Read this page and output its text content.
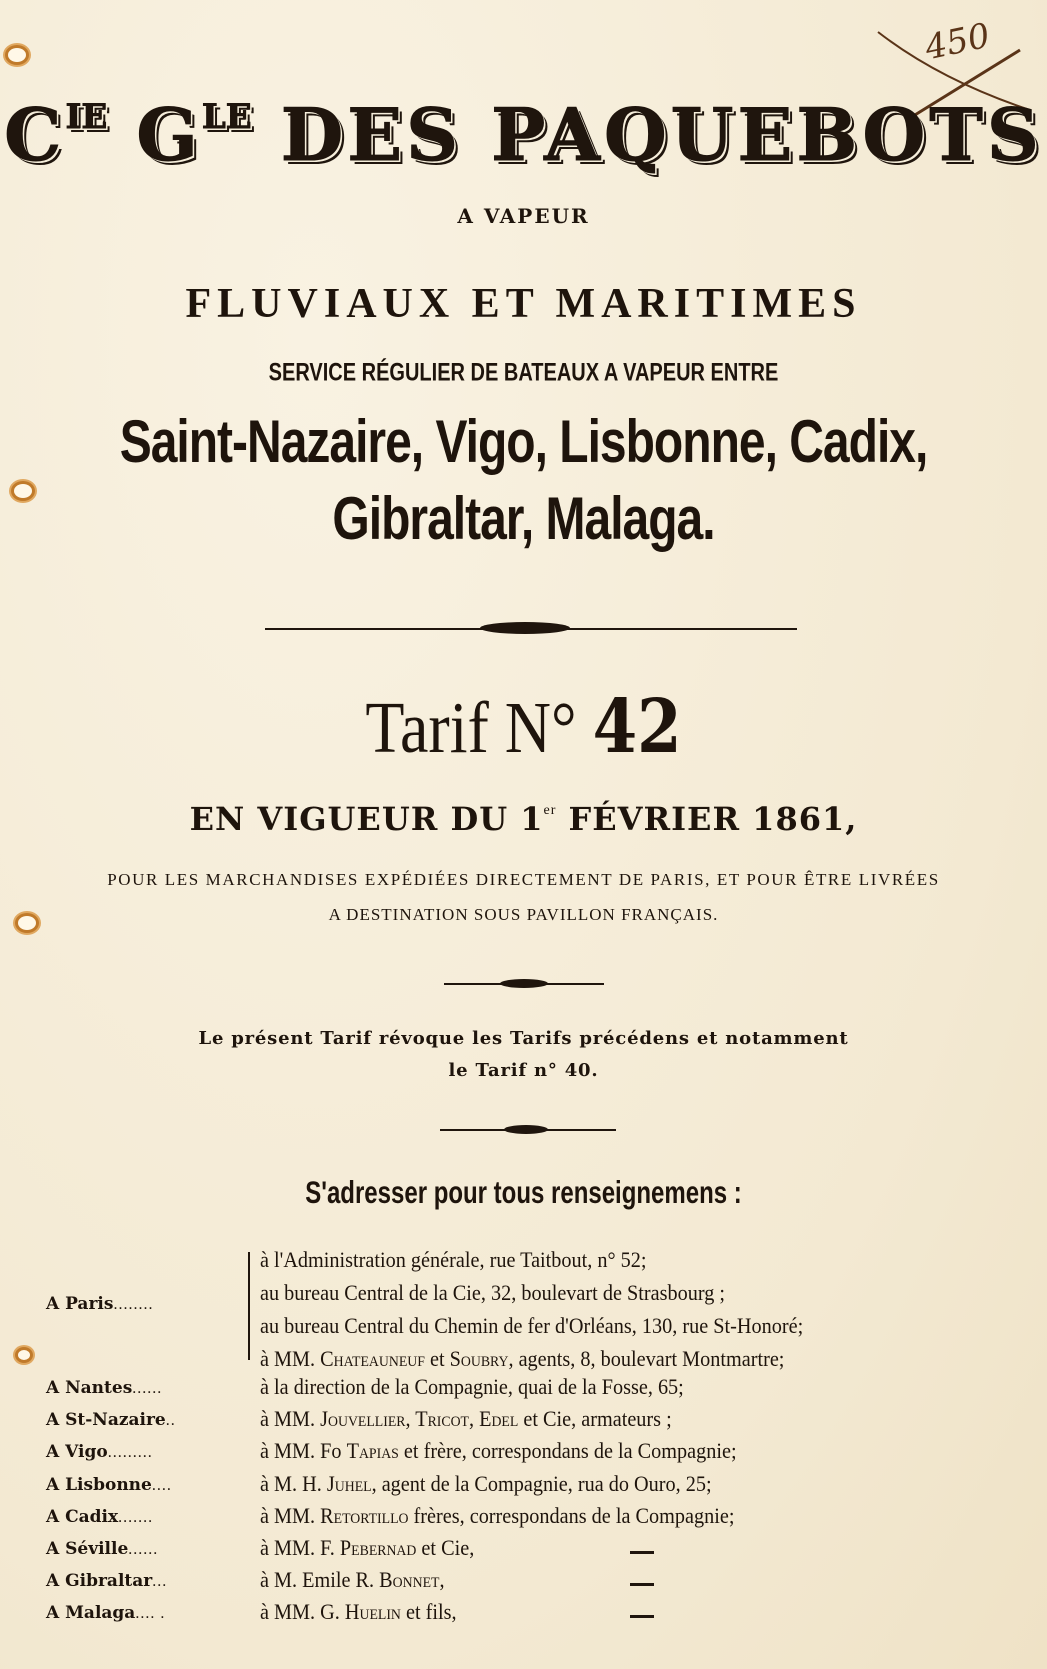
450
$C^{IE}$ $G^{LE}$ DES PAQUEBOTS
A VAPEUR
FLUVIAUX ET MARITIMES
SERVICE RÉGULIER DE BATEAUX A VAPEUR ENTRE
Saint-Nazaire, Vigo, Lisbonne, Cadix,
Gibraltar, Malaga.
Tarif N° 42
EN VIGUEUR DU 1er FÉVRIER 1861,
POUR LES MARCHANDISES EXPÉDIÉES DIRECTEMENT DE PARIS, ET POUR ÊTRE LIVRÉES
A DESTINATION SOUS PAVILLON FRANÇAIS.
Le présent Tarif révoque les Tarifs précédens et notamment
le Tarif n° 40.
S'adresser pour tous renseignemens :
A Paris........
à l'Administration générale, rue Taitbout, n° 52;
au bureau Central de la Cie, 32, boulevart de Strasbourg ;
au bureau Central du Chemin de fer d'Orléans, 130, rue St-Honoré;
à MM. Chateauneuf et Soubry, agents, 8, boulevart Montmartre;
A Nantes......	à la direction de la Compagnie, quai de la Fosse, 65;
A St-Nazaire..	à MM. Jouvellier, Tricot, Edel et Cie, armateurs ;
A Vigo.........	à MM. Fo Tapias et frère, correspondans de la Compagnie;
A Lisbonne....	à M. H. Juhel, agent de la Compagnie, rua do Ouro, 25;
A Cadix.......	à MM. Retortillo frères, correspondans de la Compagnie;
A Séville......	à MM. F. Pebernad et Cie,
A Gibraltar...	à M. Emile R. Bonnet,
A Malaga.... .	à MM. G. Huelin et fils,
